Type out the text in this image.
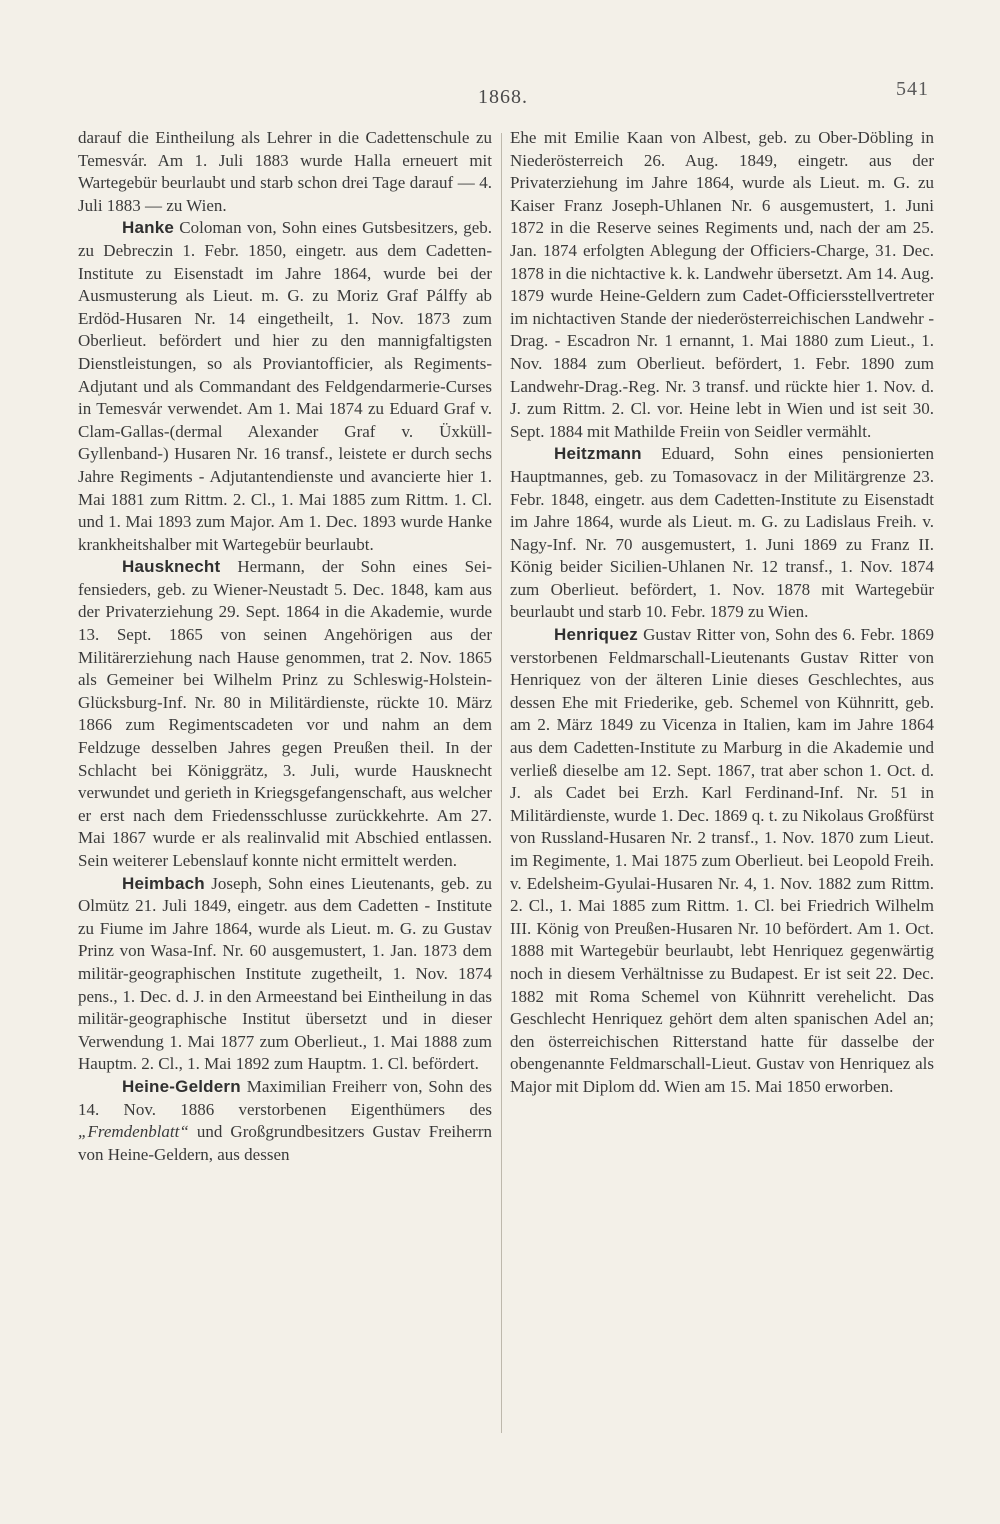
1868.	541

darauf die Eintheilung als Lehrer in die Cadettenschule zu Temesvár. Am 1. Juli 1883 wurde Halla erneuert mit Wartegebür beurlaubt und starb schon drei Tage darauf — 4. Juli 1883 — zu Wien.

Hanke Coloman von, Sohn eines Gutsbesitzers, geb. zu Debreczin 1. Febr. 1850, eingetr. aus dem Cadetten-Institute zu Eisenstadt im Jahre 1864, wurde bei der Ausmusterung als Lieut. m. G. zu Moriz Graf Pálffy ab Erdöd-Husaren Nr. 14 eingetheilt, 1. Nov. 1873 zum Oberlieut. befördert und hier zu den mannigfaltigsten Dienstleistungen, so als Proviantofficier, als Regiments-Adjutant und als Commandant des Feldgendarmerie-Curses in Temesvár verwendet. Am 1. Mai 1874 zu Eduard Graf v. Clam-Gallas-(dermal Alexander Graf v. Üxküll-Gyllenband-) Husaren Nr. 16 transf., leistete er durch sechs Jahre Regiments - Adjutantendienste und avancierte hier 1. Mai 1881 zum Rittm. 2. Cl., 1. Mai 1885 zum Rittm. 1. Cl. und 1. Mai 1893 zum Major. Am 1. Dec. 1893 wurde Hanke krankheitshalber mit Wartegebür beurlaubt.

Hausknecht Hermann, der Sohn eines Seifensieders, geb. zu Wiener-Neustadt 5. Dec. 1848, kam aus der Privaterziehung 29. Sept. 1864 in die Akademie, wurde 13. Sept. 1865 von seinen Angehörigen aus der Militärerziehung nach Hause genommen, trat 2. Nov. 1865 als Gemeiner bei Wilhelm Prinz zu Schleswig-Holstein-Glücksburg-Inf. Nr. 80 in Militärdienste, rückte 10. März 1866 zum Regimentscadeten vor und nahm an dem Feldzuge desselben Jahres gegen Preußen theil. In der Schlacht bei Königgrätz, 3. Juli, wurde Hausknecht verwundet und gerieth in Kriegsgefangenschaft, aus welcher er erst nach dem Friedensschlusse zurückkehrte. Am 27. Mai 1867 wurde er als realinvalid mit Abschied entlassen. Sein weiterer Lebenslauf konnte nicht ermittelt werden.

Heimbach Joseph, Sohn eines Lieutenants, geb. zu Olmütz 21. Juli 1849, eingetr. aus dem Cadetten - Institute zu Fiume im Jahre 1864, wurde als Lieut. m. G. zu Gustav Prinz von Wasa-Inf. Nr. 60 ausgemustert, 1. Jan. 1873 dem militär-geographischen Institute zugetheilt, 1. Nov. 1874 pens., 1. Dec. d. J. in den Armeestand bei Eintheilung in das militär-geographische Institut übersetzt und in dieser Verwendung 1. Mai 1877 zum Oberlieut., 1. Mai 1888 zum Hauptm. 2. Cl., 1. Mai 1892 zum Hauptm. 1. Cl. befördert.

Heine-Geldern Maximilian Freiherr von, Sohn des 14. Nov. 1886 verstorbenen Eigenthümers des „Fremdenblatt“ und Großgrundbesitzers Gustav Freiherrn von Heine-Geldern, aus dessen

Ehe mit Emilie Kaan von Albest, geb. zu Ober-Döbling in Niederösterreich 26. Aug. 1849, eingetr. aus der Privaterziehung im Jahre 1864, wurde als Lieut. m. G. zu Kaiser Franz Joseph-Uhlanen Nr. 6 ausgemustert, 1. Juni 1872 in die Reserve seines Regiments und, nach der am 25. Jan. 1874 erfolgten Ablegung der Officiers-Charge, 31. Dec. 1878 in die nichtactive k. k. Landwehr übersetzt. Am 14. Aug. 1879 wurde Heine-Geldern zum Cadet-Officiersstellvertreter im nichtactiven Stande der niederösterreichischen Landwehr - Drag. - Escadron Nr. 1 ernannt, 1. Mai 1880 zum Lieut., 1. Nov. 1884 zum Oberlieut. befördert, 1. Febr. 1890 zum Landwehr-Drag.-Reg. Nr. 3 transf. und rückte hier 1. Nov. d. J. zum Rittm. 2. Cl. vor. Heine lebt in Wien und ist seit 30. Sept. 1884 mit Mathilde Freiin von Seidler vermählt.

Heitzmann Eduard, Sohn eines pensionierten Hauptmannes, geb. zu Tomasovacz in der Militärgrenze 23. Febr. 1848, eingetr. aus dem Cadetten-Institute zu Eisenstadt im Jahre 1864, wurde als Lieut. m. G. zu Ladislaus Freih. v. Nagy-Inf. Nr. 70 ausgemustert, 1. Juni 1869 zu Franz II. König beider Sicilien-Uhlanen Nr. 12 transf., 1. Nov. 1874 zum Oberlieut. befördert, 1. Nov. 1878 mit Wartegebür beurlaubt und starb 10. Febr. 1879 zu Wien.

Henriquez Gustav Ritter von, Sohn des 6. Febr. 1869 verstorbenen Feldmarschall-Lieutenants Gustav Ritter von Henriquez von der älteren Linie dieses Geschlechtes, aus dessen Ehe mit Friederike, geb. Schemel von Kühnritt, geb. am 2. März 1849 zu Vicenza in Italien, kam im Jahre 1864 aus dem Cadetten-Institute zu Marburg in die Akademie und verließ dieselbe am 12. Sept. 1867, trat aber schon 1. Oct. d. J. als Cadet bei Erzh. Karl Ferdinand-Inf. Nr. 51 in Militärdienste, wurde 1. Dec. 1869 q. t. zu Nikolaus Großfürst von Russland-Husaren Nr. 2 transf., 1. Nov. 1870 zum Lieut. im Regimente, 1. Mai 1875 zum Oberlieut. bei Leopold Freih. v. Edelsheim-Gyulai-Husaren Nr. 4, 1. Nov. 1882 zum Rittm. 2. Cl., 1. Mai 1885 zum Rittm. 1. Cl. bei Friedrich Wilhelm III. König von Preußen-Husaren Nr. 10 befördert. Am 1. Oct. 1888 mit Wartegebür beurlaubt, lebt Henriquez gegenwärtig noch in diesem Verhältnisse zu Budapest. Er ist seit 22. Dec. 1882 mit Roma Schemel von Kühnritt verehelicht. Das Geschlecht Henriquez gehört dem alten spanischen Adel an; den österreichischen Ritterstand hatte für dasselbe der obengenannte Feldmarschall-Lieut. Gustav von Henriquez als Major mit Diplom dd. Wien am 15. Mai 1850 erworben.
